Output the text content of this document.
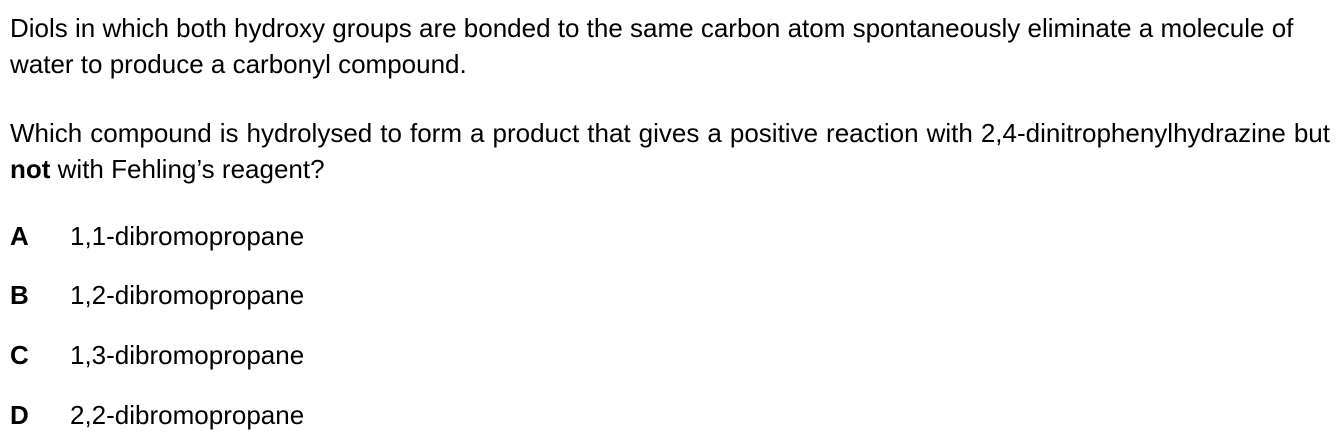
Diols in which both hydroxy groups are bonded to the same carbon atom spontaneously eliminate a molecule of water to produce a carbonyl compound.

Which compound is hydrolysed to form a product that gives a positive reaction with 2,4-dinitrophenylhydrazine but not with Fehling’s reagent?

A 1,1-dibromopropane
B 1,2-dibromopropane
C 1,3-dibromopropane
D 2,2-dibromopropane
